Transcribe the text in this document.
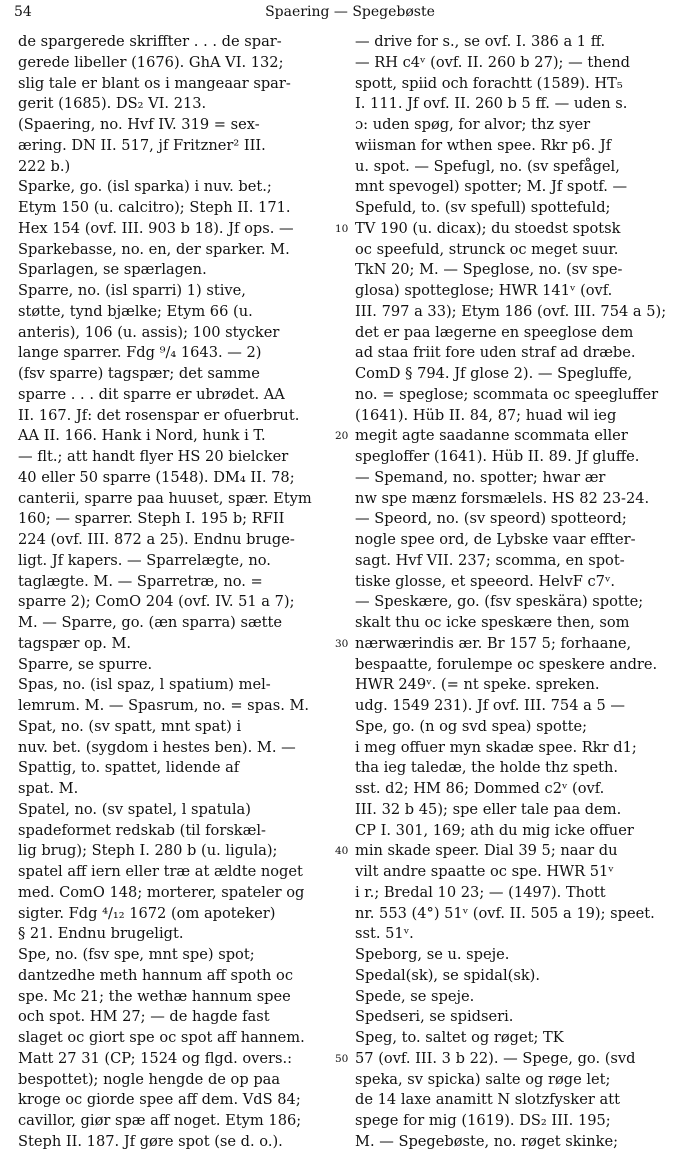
54	Spaering — Spegebøste
de spargerede skriffter . . . de spar-
gerede libeller (1676). GhA VI. 132;
slig tale er blant os i mangeaar spar-
gerit (1685). DS₂ VI. 213.
(Spaering, no. Hvf IV. 319 = sex-
æring. DN II. 517, jf Fritzner² III.
222 b.)
Sparke, go. (isl sparka) i nuv. bet.;
Etym 150 (u. calcitro); Steph II. 171.
Hex 154 (ovf. III. 903 b 18). Jf ops. —
Sparkebasse, no. en, der sparker. M.
Sparlagen, se spærlagen.
Sparre, no. (isl sparri) 1) stive,
støtte, tynd bjælke; Etym 66 (u.
anteris), 106 (u. assis); 100 stycker
lange sparrer. Fdg ⁹/₄ 1643. — 2)
(fsv sparre) tagspær; det samme
sparre . . . dit sparre er ubrødet. AA
II. 167. Jf: det rosenspar er ofuerbrut.
AA II. 166. Hank i Nord, hunk i T.
— flt.; att handt flyer HS 20 bielcker
40 eller 50 sparre (1548). DM₄ II. 78;
canterii, sparre paa huuset, spær. Etym
160; — sparrer. Steph I. 195 b; RFII
224 (ovf. III. 872 a 25). Endnu bruge-
ligt. Jf kapers. — Sparrelægte, no.
taglægte. M. — Sparretræ, no. =
sparre 2); ComO 204 (ovf. IV. 51 a 7);
M. — Sparre, go. (æn sparra) sætte
tagspær op. M.
Sparre, se spurre.
Spas, no. (isl spaz, l spatium) mel-
lemrum. M. — Spasrum, no. = spas. M.
Spat, no. (sv spatt, mnt spat) i
nuv. bet. (sygdom i hestes ben). M. —
Spattig, to. spattet, lidende af
spat. M.
Spatel, no. (sv spatel, l spatula)
spadeformet redskab (til forskæl-
lig brug); Steph I. 280 b (u. ligula);
spatel aff iern eller træ at ældte noget
med. ComO 148; morterer, spateler og
sigter. Fdg ⁴/₁₂ 1672 (om apoteker)
§ 21. Endnu brugeligt.
Spe, no. (fsv spe, mnt spe) spot;
dantzedhe meth hannum aff spoth oc
spe. Mc 21; the wethæ hannum spee
och spot. HM 27; — de hagde fast
slaget oc giort spe oc spot aff hannem.
Matt 27 31 (CP; 1524 og flgd. overs.:
bespottet); nogle hengde de op paa
kroge oc giorde spee aff dem. VdS 84;
cavillor, giør spæ aff noget. Etym 186;
Steph II. 187. Jf gøre spot (se d. o.).
10
20
30
40
50
— drive for s., se ovf. I. 386 a 1 ff.
— RH c4ᵛ (ovf. II. 260 b 27); — thend
spott, spiid och forachtt (1589). HT₅
I. 111. Jf ovf. II. 260 b 5 ff. — uden s.
ɔ: uden spøg, for alvor; thz syer
wiisman for wthen spee. Rkr p6. Jf
u. spot. — Spefugl, no. (sv spefågel,
mnt spevogel) spotter; M. Jf spotf. —
Spefuld, to. (sv spefull) spottefuld;
TV 190 (u. dicax); du stoedst spotsk
oc speefuld, strunck oc meget suur.
TkN 20; M. — Speglose, no. (sv spe-
glosa) spotteglose; HWR 141ᵛ (ovf.
III. 797 a 33); Etym 186 (ovf. III. 754 a 5);
det er paa lægerne en speeglose dem
ad staa friit fore uden straf ad dræbe.
ComD § 794. Jf glose 2). — Spegluffe,
no. = speglose; scommata oc speegluffer
(1641). Hüb II. 84, 87; huad wil ieg
megit agte saadanne scommata eller
spegloffer (1641). Hüb II. 89. Jf gluffe.
— Spemand, no. spotter; hwar ær
nw spe mænz forsmælels. HS 82 23-24.
— Speord, no. (sv speord) spotteord;
nogle spee ord, de Lybske vaar effter-
sagt. Hvf VII. 237; scomma, en spot-
tiske glosse, et speeord. HelvF c7ᵛ.
— Speskære, go. (fsv speskära) spotte;
skalt thu oc icke speskære then, som
nærwærindis ær. Br 157 5; forhaane,
bespaatte, forulempe oc speskere andre.
HWR 249ᵛ. (= nt speke. spreken.
udg. 1549 231). Jf ovf. III. 754 a 5 —
Spe, go. (n og svd spea) spotte;
i meg offuer myn skadæ spee. Rkr d1;
tha ieg taledæ, the holde thz speth.
sst. d2; HM 86; Dommed c2ᵛ (ovf.
III. 32 b 45); spe eller tale paa dem.
CP I. 301, 169; ath du mig icke offuer
min skade speer. Dial 39 5; naar du
vilt andre spaatte oc spe. HWR 51ᵛ
i r.; Bredal 10 23; — (1497). Thott
nr. 553 (4°) 51ᵛ (ovf. II. 505 a 19); speet.
sst. 51ᵛ.
Speborg, se u. speje.
Spedal(sk), se spidal(sk).
Spede, se speje.
Spedseri, se spidseri.
Speg, to. saltet og røget; TK
57 (ovf. III. 3 b 22). — Spege, go. (svd
speka, sv spicka) salte og røge let;
de 14 laxe anamitt N slotzfysker att
spege for mig (1619). DS₂ III. 195;
M. — Spegebøste, no. røget skinke;
